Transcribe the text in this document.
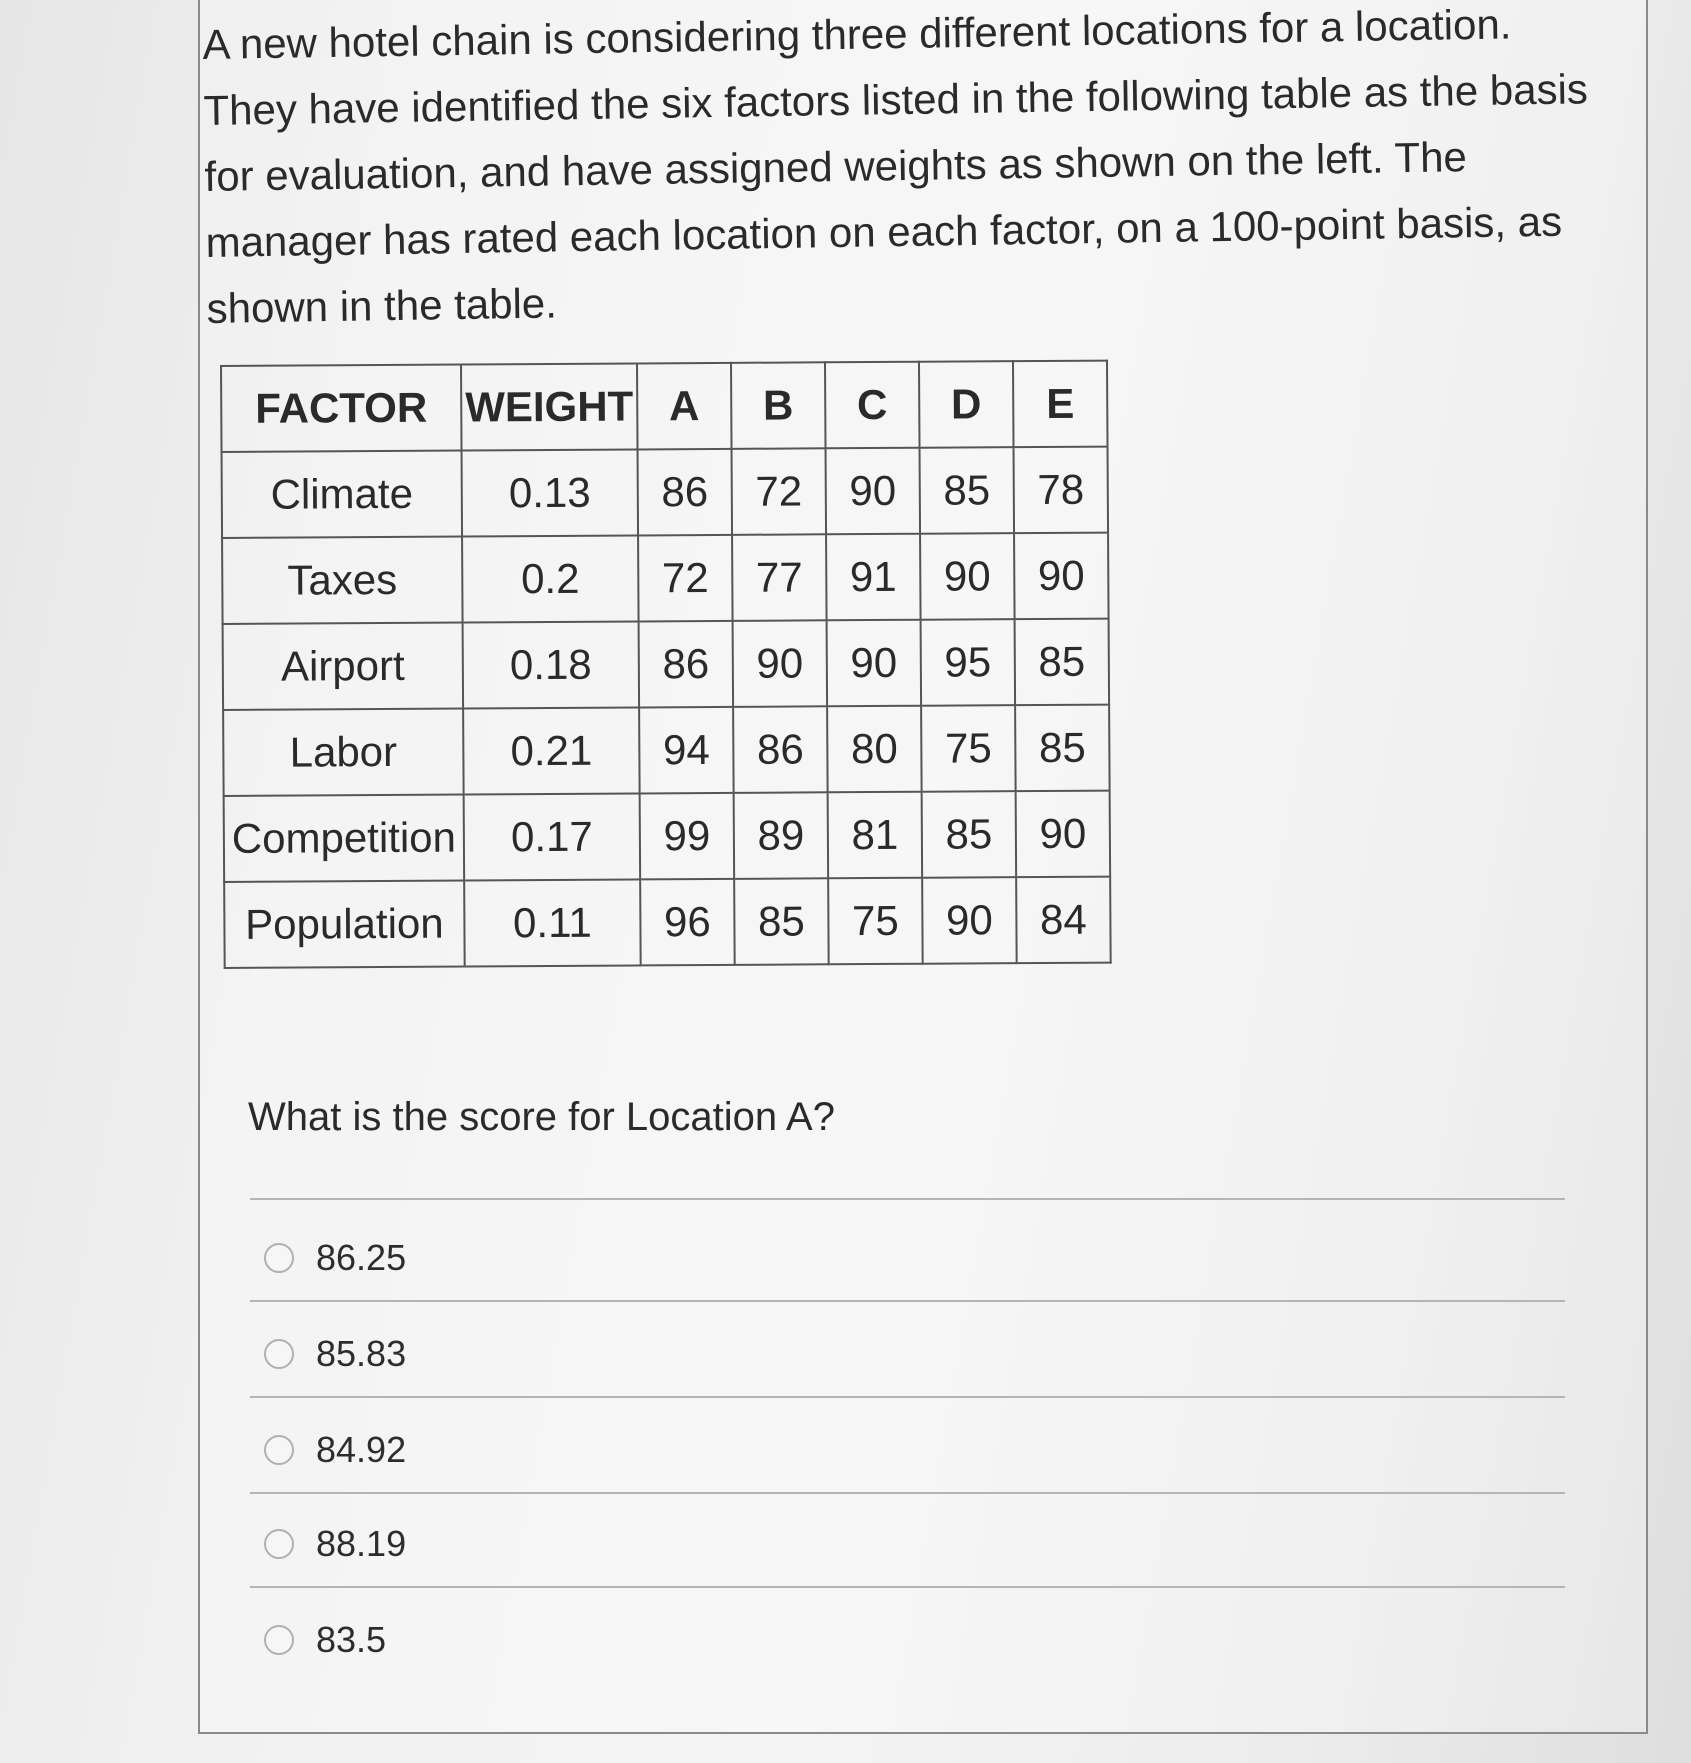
A new hotel chain is considering three different locations for a location.
They have identified the six factors listed in the following table as the basis
for evaluation, and have assigned weights as shown on the left. The
manager has rated each location on each factor, on a 100-point basis, as
shown in the table.
FACTOR	WEIGHT	A	B	C	D	E
Climate	0.13	86	72	90	85	78
Taxes	0.2	72	77	91	90	90
Airport	0.18	86	90	90	95	85
Labor	0.21	94	86	80	75	85
Competition	0.17	99	89	81	85	90
Population	0.11	96	85	75	90	84
What is the score for Location A?
86.25
85.83
84.92
88.19
83.5
